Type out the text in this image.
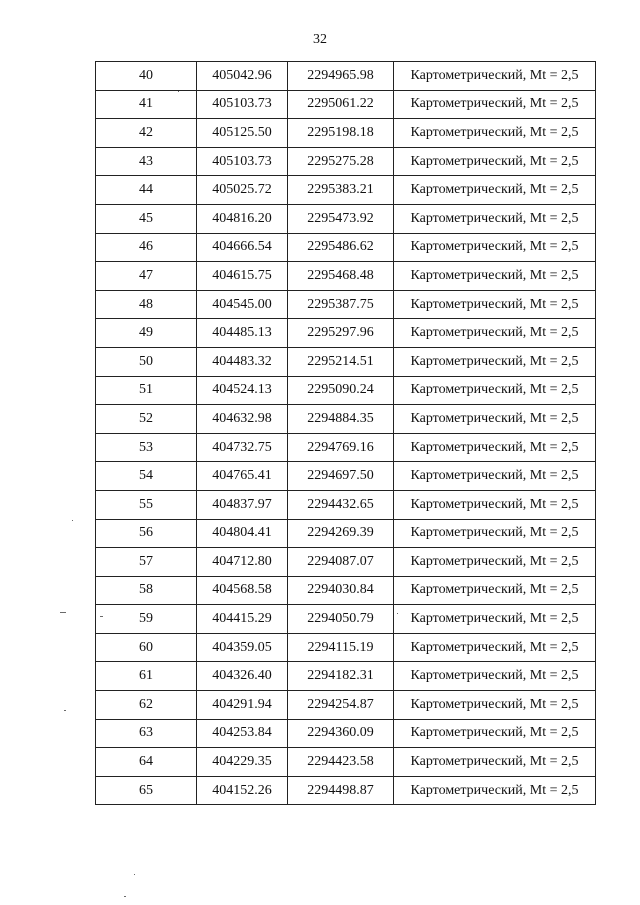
32
40	405042.96	2294965.98	Картометрический, Mt = 2,5
41	405103.73	2295061.22	Картометрический, Mt = 2,5
42	405125.50	2295198.18	Картометрический, Mt = 2,5
43	405103.73	2295275.28	Картометрический, Mt = 2,5
44	405025.72	2295383.21	Картометрический, Mt = 2,5
45	404816.20	2295473.92	Картометрический, Mt = 2,5
46	404666.54	2295486.62	Картометрический, Mt = 2,5
47	404615.75	2295468.48	Картометрический, Mt = 2,5
48	404545.00	2295387.75	Картометрический, Mt = 2,5
49	404485.13	2295297.96	Картометрический, Mt = 2,5
50	404483.32	2295214.51	Картометрический, Mt = 2,5
51	404524.13	2295090.24	Картометрический, Mt = 2,5
52	404632.98	2294884.35	Картометрический, Mt = 2,5
53	404732.75	2294769.16	Картометрический, Mt = 2,5
54	404765.41	2294697.50	Картометрический, Mt = 2,5
55	404837.97	2294432.65	Картометрический, Mt = 2,5
56	404804.41	2294269.39	Картометрический, Mt = 2,5
57	404712.80	2294087.07	Картометрический, Mt = 2,5
58	404568.58	2294030.84	Картометрический, Mt = 2,5
59	404415.29	2294050.79	Картометрический, Mt = 2,5
60	404359.05	2294115.19	Картометрический, Mt = 2,5
61	404326.40	2294182.31	Картометрический, Mt = 2,5
62	404291.94	2294254.87	Картометрический, Mt = 2,5
63	404253.84	2294360.09	Картометрический, Mt = 2,5
64	404229.35	2294423.58	Картометрический, Mt = 2,5
65	404152.26	2294498.87	Картометрический, Mt = 2,5
